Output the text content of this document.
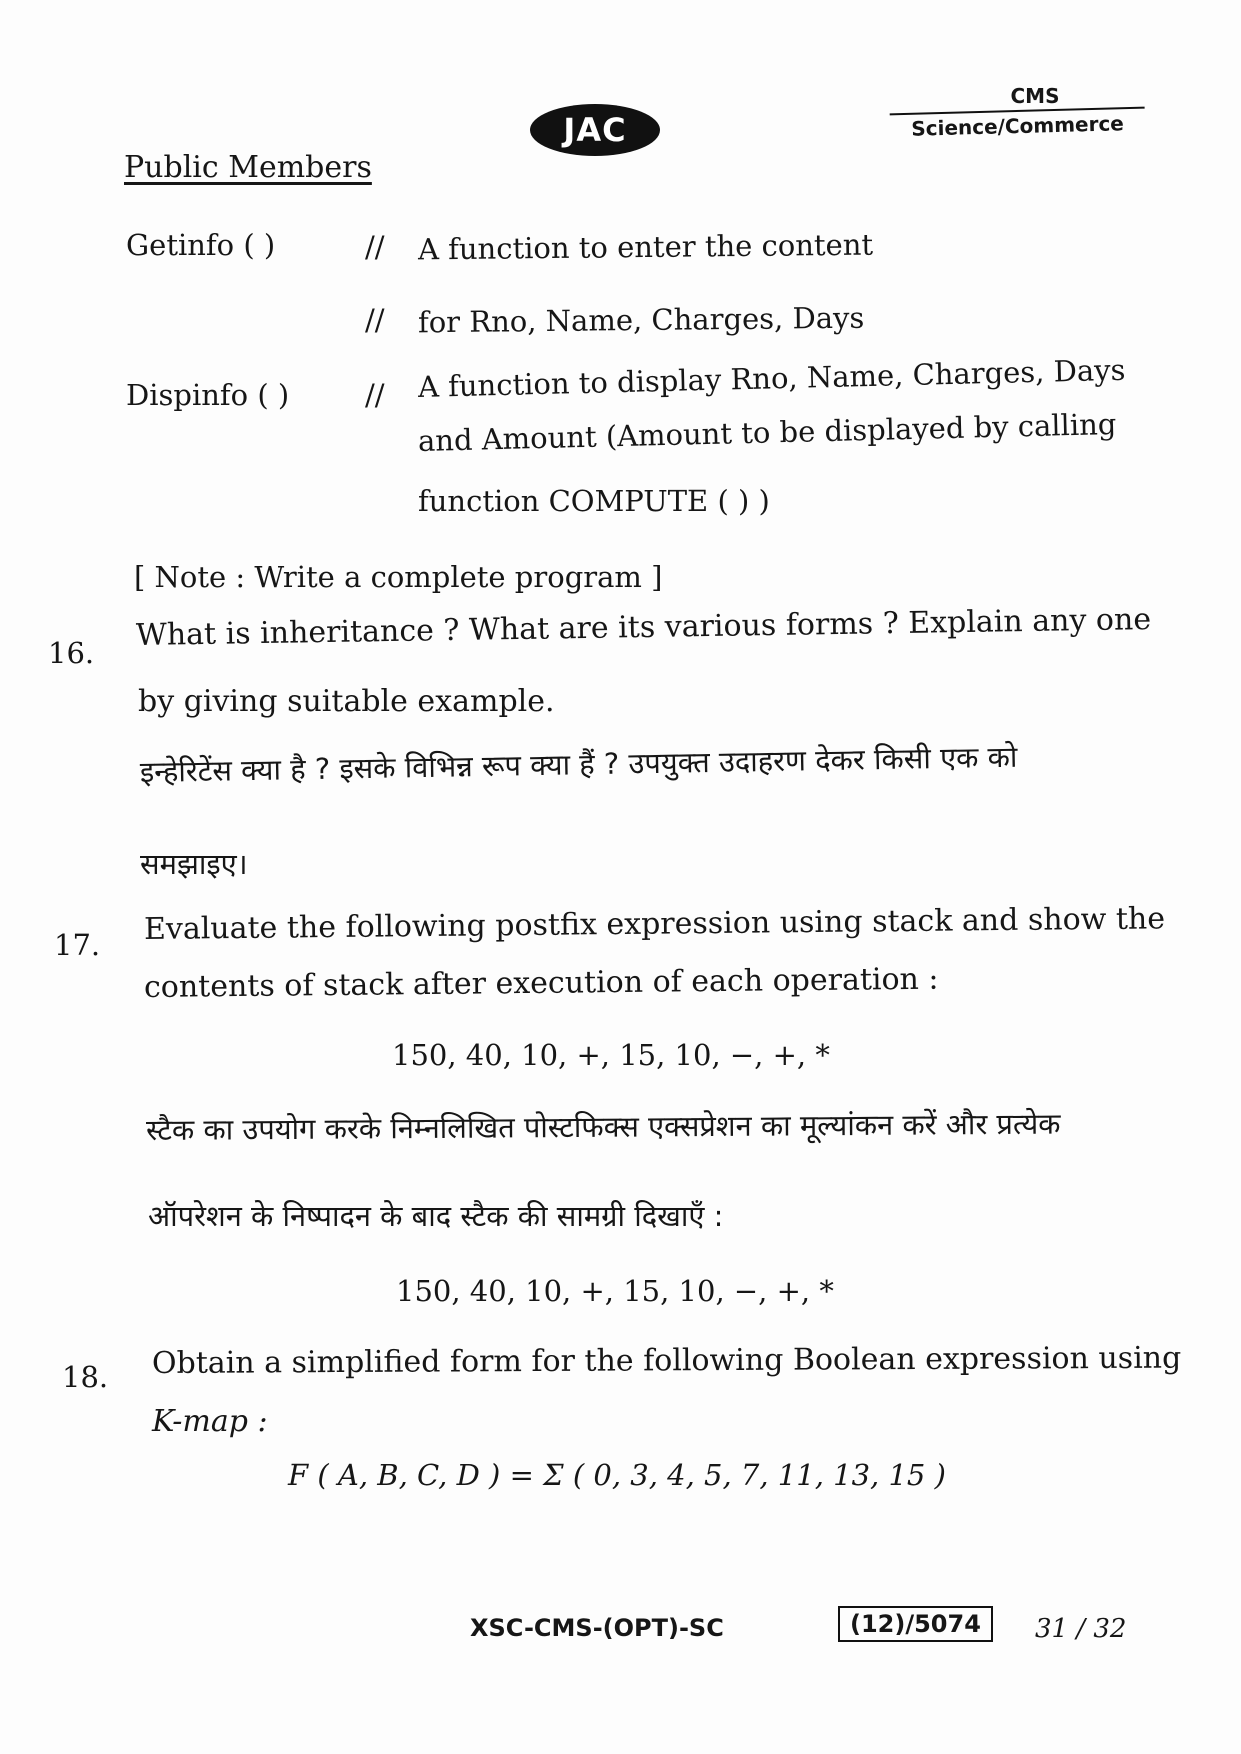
JAC
CMS
Science/Commerce
Public Members
Getinfo ( )	// A function to enter the content
// for Rno, Name, Charges, Days
Dispinfo ( )	// A function to display Rno, Name, Charges, Days
and Amount (Amount to be displayed by calling
function COMPUTE ( ) )
[ Note : Write a complete program ]
16.
What is inheritance ? What are its various forms ? Explain any one
by giving suitable example.
इन्हेरिटेंस क्या है ? इसके विभिन्न रूप क्या हैं ? उपयुक्त उदाहरण देकर किसी एक को
समझाइए।
17. Evaluate the following postfix expression using stack and show the
contents of stack after execution of each operation :
150, 40, 10, +, 15, 10, −, +, *
स्टैक का उपयोग करके निम्नलिखित पोस्टफिक्स एक्सप्रेशन का मूल्यांकन करें और प्रत्येक
ऑपरेशन के निष्पादन के बाद स्टैक की सामग्री दिखाएँ :
150, 40, 10, +, 15, 10, −, +, *
18. Obtain a simplified form for the following Boolean expression using
K-map :
F ( A, B, C, D ) = Σ ( 0, 3, 4, 5, 7, 11, 13, 15 )
XSC-CMS-(OPT)-SC	(12)/5074	31 / 32
